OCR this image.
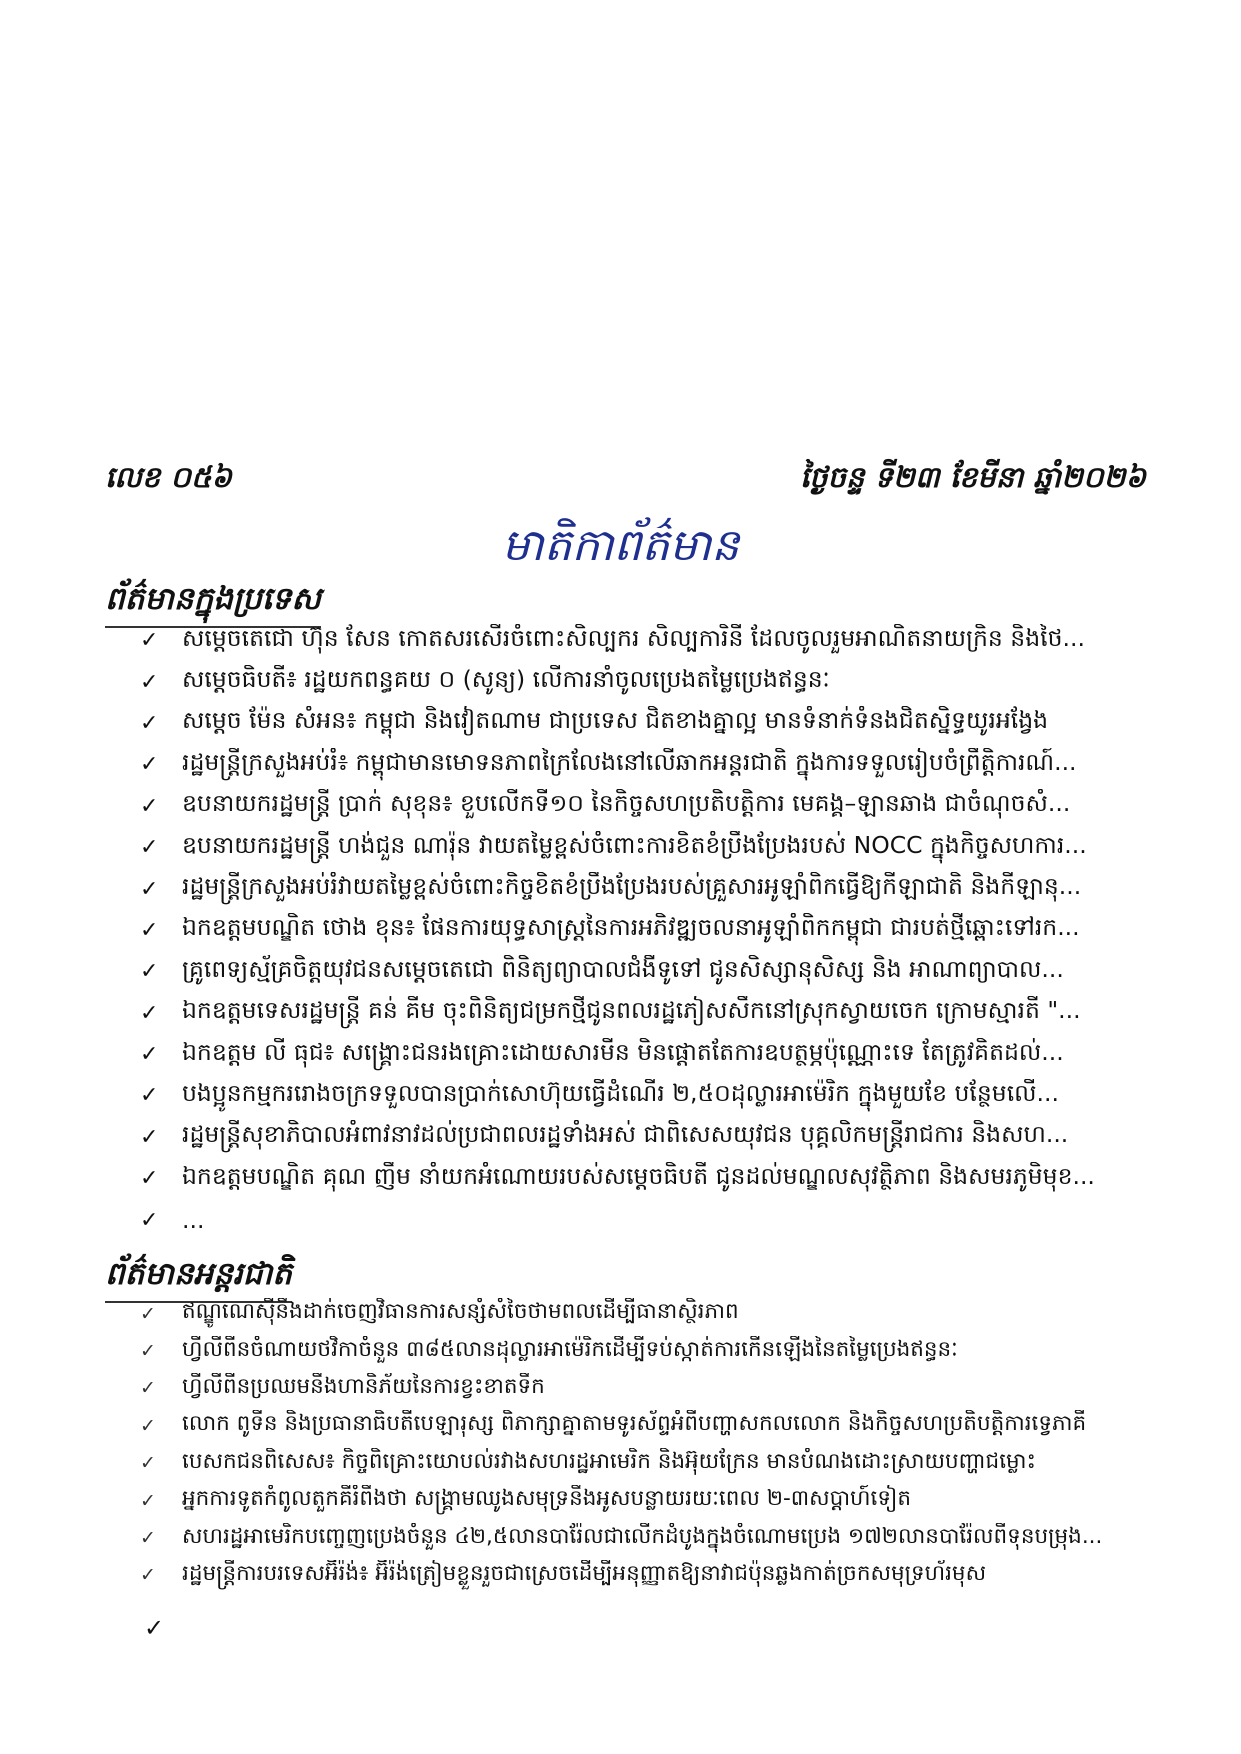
លេខ ០៥៦	ថ្ងៃចន្ទ ទី២៣ ខែមីនា ឆ្នាំ២០២៦
មាតិកាព័ត៌មាន
ព័ត៌មានក្នុងប្រទេស
✓	សម្តេចតេជោ ហ៊ុន សែន កោតសរសើរចំពោះសិល្បករ សិល្បការិនី ដែលចូលរួមអាណិតនាយក្រិន និងថៃ...
✓	សម្តេចធិបតី៖ រដ្ឋយកពន្ធគយ ០ (សូន្យ) លើការនាំចូលប្រេងតម្លៃប្រេងឥន្ធនៈ
✓	សម្តេច ម៉ែន សំអន៖ កម្ពុជា និងវៀតណាម ជាប្រទេស ជិតខាងគ្នាល្អ មានទំនាក់ទំនងជិតស្និទ្ធយូរអង្វែង
✓	រដ្ឋមន្ត្រីក្រសួងអប់រំ៖ កម្ពុជាមានមោទនភាពក្រៃលែងនៅលើឆាកអន្តរជាតិ ក្នុងការទទួលរៀបចំព្រឹត្តិការណ៍...
✓	ឧបនាយករដ្ឋមន្ត្រី ប្រាក់ សុខុន៖ ខួបលើកទី១០ នៃកិច្ចសហប្រតិបត្តិការ មេគង្គ–ឡានឆាង ជាចំណុចសំ...
✓	ឧបនាយករដ្ឋមន្ត្រី ហង់ជួន ណារ៉ុន វាយតម្លៃខ្ពស់ចំពោះការខិតខំប្រឹងប្រែងរបស់ NOCC ក្នុងកិច្ចសហការ...
✓	រដ្ឋមន្ត្រីក្រសួងអប់រំវាយតម្លៃខ្ពស់ចំពោះកិច្ចខិតខំប្រឹងប្រែងរបស់គ្រួសារអូឡាំពិកធ្វើឱ្យកីឡាជាតិ និងកីឡានុ...
✓	ឯកឧត្តមបណ្ឌិត ថោង ខុន៖ ផែនការយុទ្ធសាស្ត្រនៃការអភិវឌ្ឍចលនាអូឡាំពិកកម្ពុជា ជារបត់ថ្មីឆ្ពោះទៅរក...
✓	គ្រូពេទ្យស្ម័គ្រចិត្តយុវជនសម្តេចតេជោ ពិនិត្យព្យាបាលជំងឺទូទៅ ជូនសិស្សានុសិស្ស និង អាណាព្យាបាល...
✓	ឯកឧត្តមទេសរដ្ឋមន្ត្រី គន់ គីម ចុះពិនិត្យជម្រកថ្មីជូនពលរដ្ឋភៀសសឹកនៅស្រុកស្វាយចេក ក្រោមស្មារតី "...
✓	ឯកឧត្តម លី ធុជ៖ សង្គ្រោះជនរងគ្រោះដោយសារមីន មិនផ្តោតតែការឧបត្ថម្ភប៉ុណ្ណោះទេ តែត្រូវគិតដល់...
✓	បងប្អូនកម្មកររោងចក្រទទួលបានប្រាក់សោហ៊ុយធ្វើដំណើរ ២,៥០ដុល្លារអាម៉េរិក ក្នុងមួយខែ បន្ថែមលើ...
✓	រដ្ឋមន្ត្រីសុខាភិបាលអំពាវនាវដល់ប្រជាពលរដ្ឋទាំងអស់ ជាពិសេសយុវជន បុគ្គលិកមន្ត្រីរាជការ និងសហ...
✓	ឯកឧត្តមបណ្ឌិត គុណ ញឹម នាំយកអំណោយរបស់សម្តេចធិបតី ជូនដល់មណ្ឌលសុវត្ថិភាព និងសមរភូមិមុខ...
✓	...
ព័ត៌មានអន្តរជាតិ
✓	ឥណ្ឌូណេស៊ីនឹងដាក់ចេញវិធានការសន្សំសំចៃថាមពលដើម្បីធានាស្ថិរភាព
✓	ហ្វីលីពីនចំណាយថវិកាចំនួន ៣៨៥លានដុល្លារអាម៉េរិកដើម្បីទប់ស្កាត់ការកើនឡើងនៃតម្លៃប្រេងឥន្ធនៈ
✓	ហ្វីលីពីនប្រឈមនឹងហានិភ័យនៃការខ្វះខាតទឹក
✓	លោក ពូទីន និងប្រធានាធិបតីបេឡារុស្ស ពិភាក្សាគ្នាតាមទូរស័ព្ទអំពីបញ្ហាសកលលោក និងកិច្ចសហប្រតិបត្តិការទ្វេភាគី
✓	បេសកជនពិសេស៖ កិច្ចពិគ្រោះយោបល់រវាងសហរដ្ឋអាមេរិក និងអ៊ុយក្រែន មានបំណងដោះស្រាយបញ្ហាជម្លោះ
✓	អ្នកការទូតកំពូលតួកគីរំពឹងថា សង្គ្រាមឈូងសមុទ្រនឹងអូសបន្លាយរយៈពេល ២-៣សប្តាហ៍ទៀត
✓	សហរដ្ឋអាមេរិកបញ្ចេញប្រេងចំនួន ៤២,៥លានបារ៉ែលជាលើកដំបូងក្នុងចំណោមប្រេង ១៧២លានបារ៉ែលពីទុនបម្រុង...
✓	រដ្ឋមន្ត្រីការបរទេសអ៊ីរ៉ង់៖ អ៊ីរ៉ង់ត្រៀមខ្លួនរួចជាស្រេចដើម្បីអនុញ្ញាតឱ្យនាវាជប៉ុនឆ្លងកាត់ច្រកសមុទ្រហ័រមុស
✓
